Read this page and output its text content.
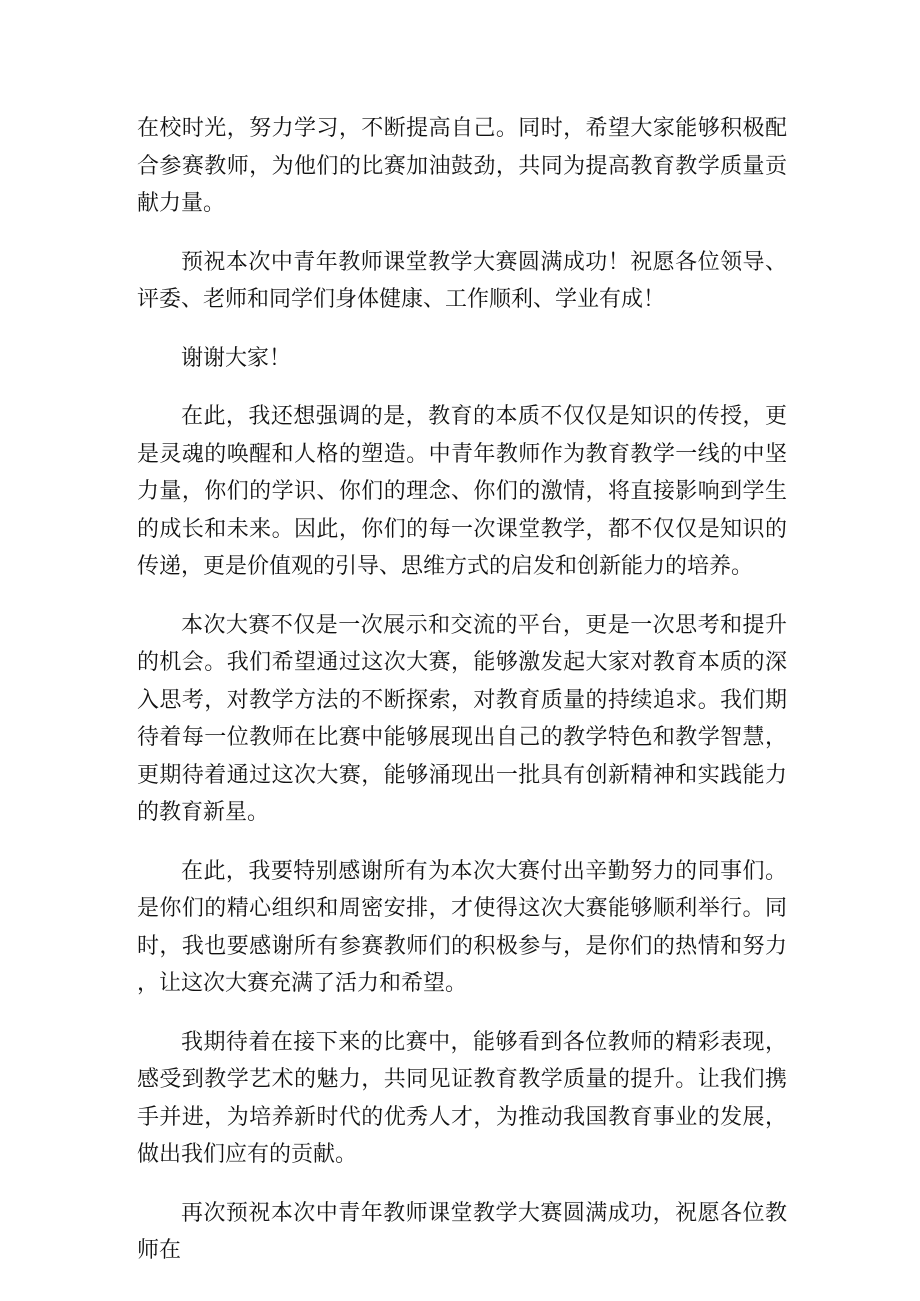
在校时光，努力学习，不断提高自己。同时，希望大家能够积极配合参赛教师，为他们的比赛加油鼓劲，共同为提高教育教学质量贡献力量。

预祝本次中青年教师课堂教学大赛圆满成功！祝愿各位领导、评委、老师和同学们身体健康、工作顺利、学业有成！

谢谢大家！

在此，我还想强调的是，教育的本质不仅仅是知识的传授，更是灵魂的唤醒和人格的塑造。中青年教师作为教育教学一线的中坚力量，你们的学识、你们的理念、你们的激情，将直接影响到学生的成长和未来。因此，你们的每一次课堂教学，都不仅仅是知识的传递，更是价值观的引导、思维方式的启发和创新能力的培养。

本次大赛不仅是一次展示和交流的平台，更是一次思考和提升的机会。我们希望通过这次大赛，能够激发起大家对教育本质的深入思考，对教学方法的不断探索，对教育质量的持续追求。我们期待着每一位教师在比赛中能够展现出自己的教学特色和教学智慧，更期待着通过这次大赛，能够涌现出一批具有创新精神和实践能力的教育新星。

在此，我要特别感谢所有为本次大赛付出辛勤努力的同事们。是你们的精心组织和周密安排，才使得这次大赛能够顺利举行。同时，我也要感谢所有参赛教师们的积极参与，是你们的热情和努力，让这次大赛充满了活力和希望。

我期待着在接下来的比赛中，能够看到各位教师的精彩表现，感受到教学艺术的魅力，共同见证教育教学质量的提升。让我们携手并进，为培养新时代的优秀人才，为推动我国教育事业的发展，做出我们应有的贡献。

再次预祝本次中青年教师课堂教学大赛圆满成功，祝愿各位教师在
